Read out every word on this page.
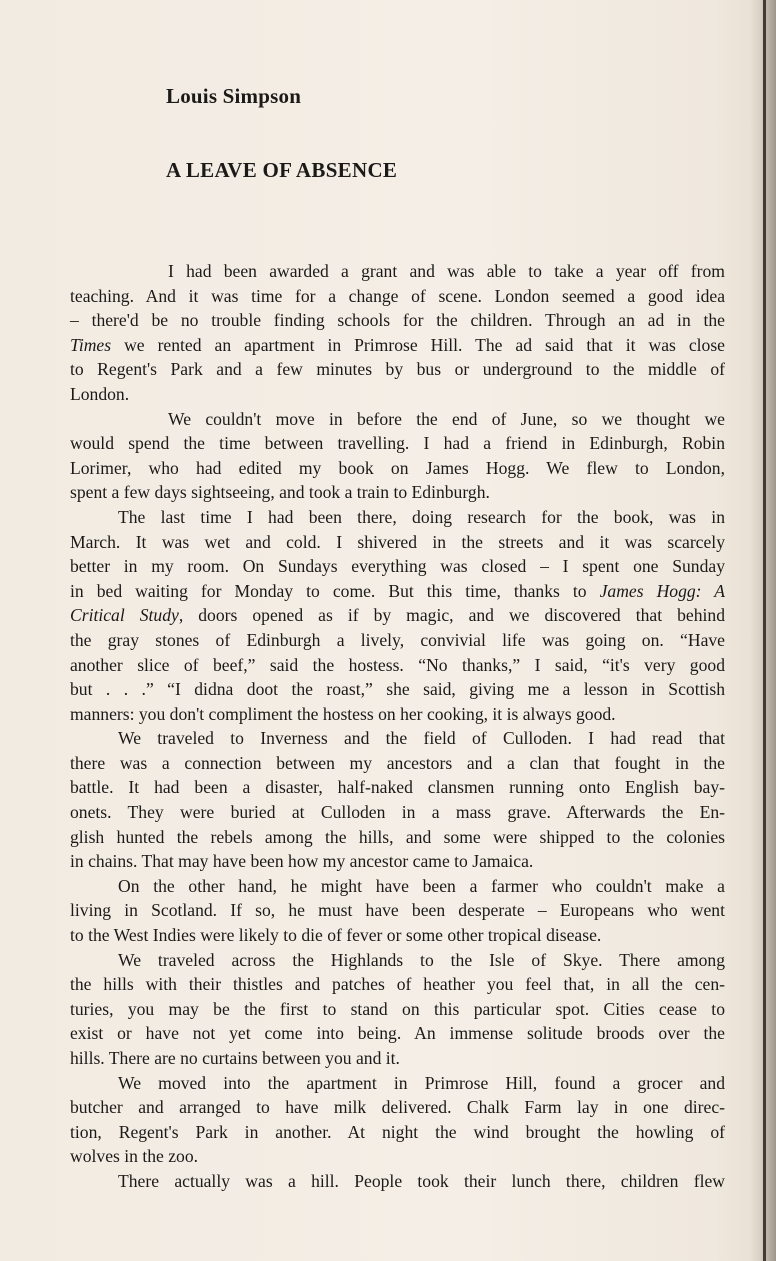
Louis Simpson
A LEAVE OF ABSENCE
I had been awarded a grant and was able to take a year off from
teaching. And it was time for a change of scene. London seemed a good idea
– there'd be no trouble finding schools for the children. Through an ad in the
Times we rented an apartment in Primrose Hill. The ad said that it was close
to Regent's Park and a few minutes by bus or underground to the middle of
London.
We couldn't move in before the end of June, so we thought we
would spend the time between travelling. I had a friend in Edinburgh, Robin
Lorimer, who had edited my book on James Hogg. We flew to London,
spent a few days sightseeing, and took a train to Edinburgh.
The last time I had been there, doing research for the book, was in
March. It was wet and cold. I shivered in the streets and it was scarcely
better in my room. On Sundays everything was closed – I spent one Sunday
in bed waiting for Monday to come. But this time, thanks to James Hogg: A
Critical Study, doors opened as if by magic, and we discovered that behind
the gray stones of Edinburgh a lively, convivial life was going on. “Have
another slice of beef,” said the hostess. “No thanks,” I said, “it's very good
but . . .” “I didna doot the roast,” she said, giving me a lesson in Scottish
manners: you don't compliment the hostess on her cooking, it is always good.
We traveled to Inverness and the field of Culloden. I had read that
there was a connection between my ancestors and a clan that fought in the
battle. It had been a disaster, half-naked clansmen running onto English bay-
onets. They were buried at Culloden in a mass grave. Afterwards the En-
glish hunted the rebels among the hills, and some were shipped to the colonies
in chains. That may have been how my ancestor came to Jamaica.
On the other hand, he might have been a farmer who couldn't make a
living in Scotland. If so, he must have been desperate – Europeans who went
to the West Indies were likely to die of fever or some other tropical disease.
We traveled across the Highlands to the Isle of Skye. There among
the hills with their thistles and patches of heather you feel that, in all the cen-
turies, you may be the first to stand on this particular spot. Cities cease to
exist or have not yet come into being. An immense solitude broods over the
hills. There are no curtains between you and it.
We moved into the apartment in Primrose Hill, found a grocer and
butcher and arranged to have milk delivered. Chalk Farm lay in one direc-
tion, Regent's Park in another. At night the wind brought the howling of
wolves in the zoo.
There actually was a hill. People took their lunch there, children flew
